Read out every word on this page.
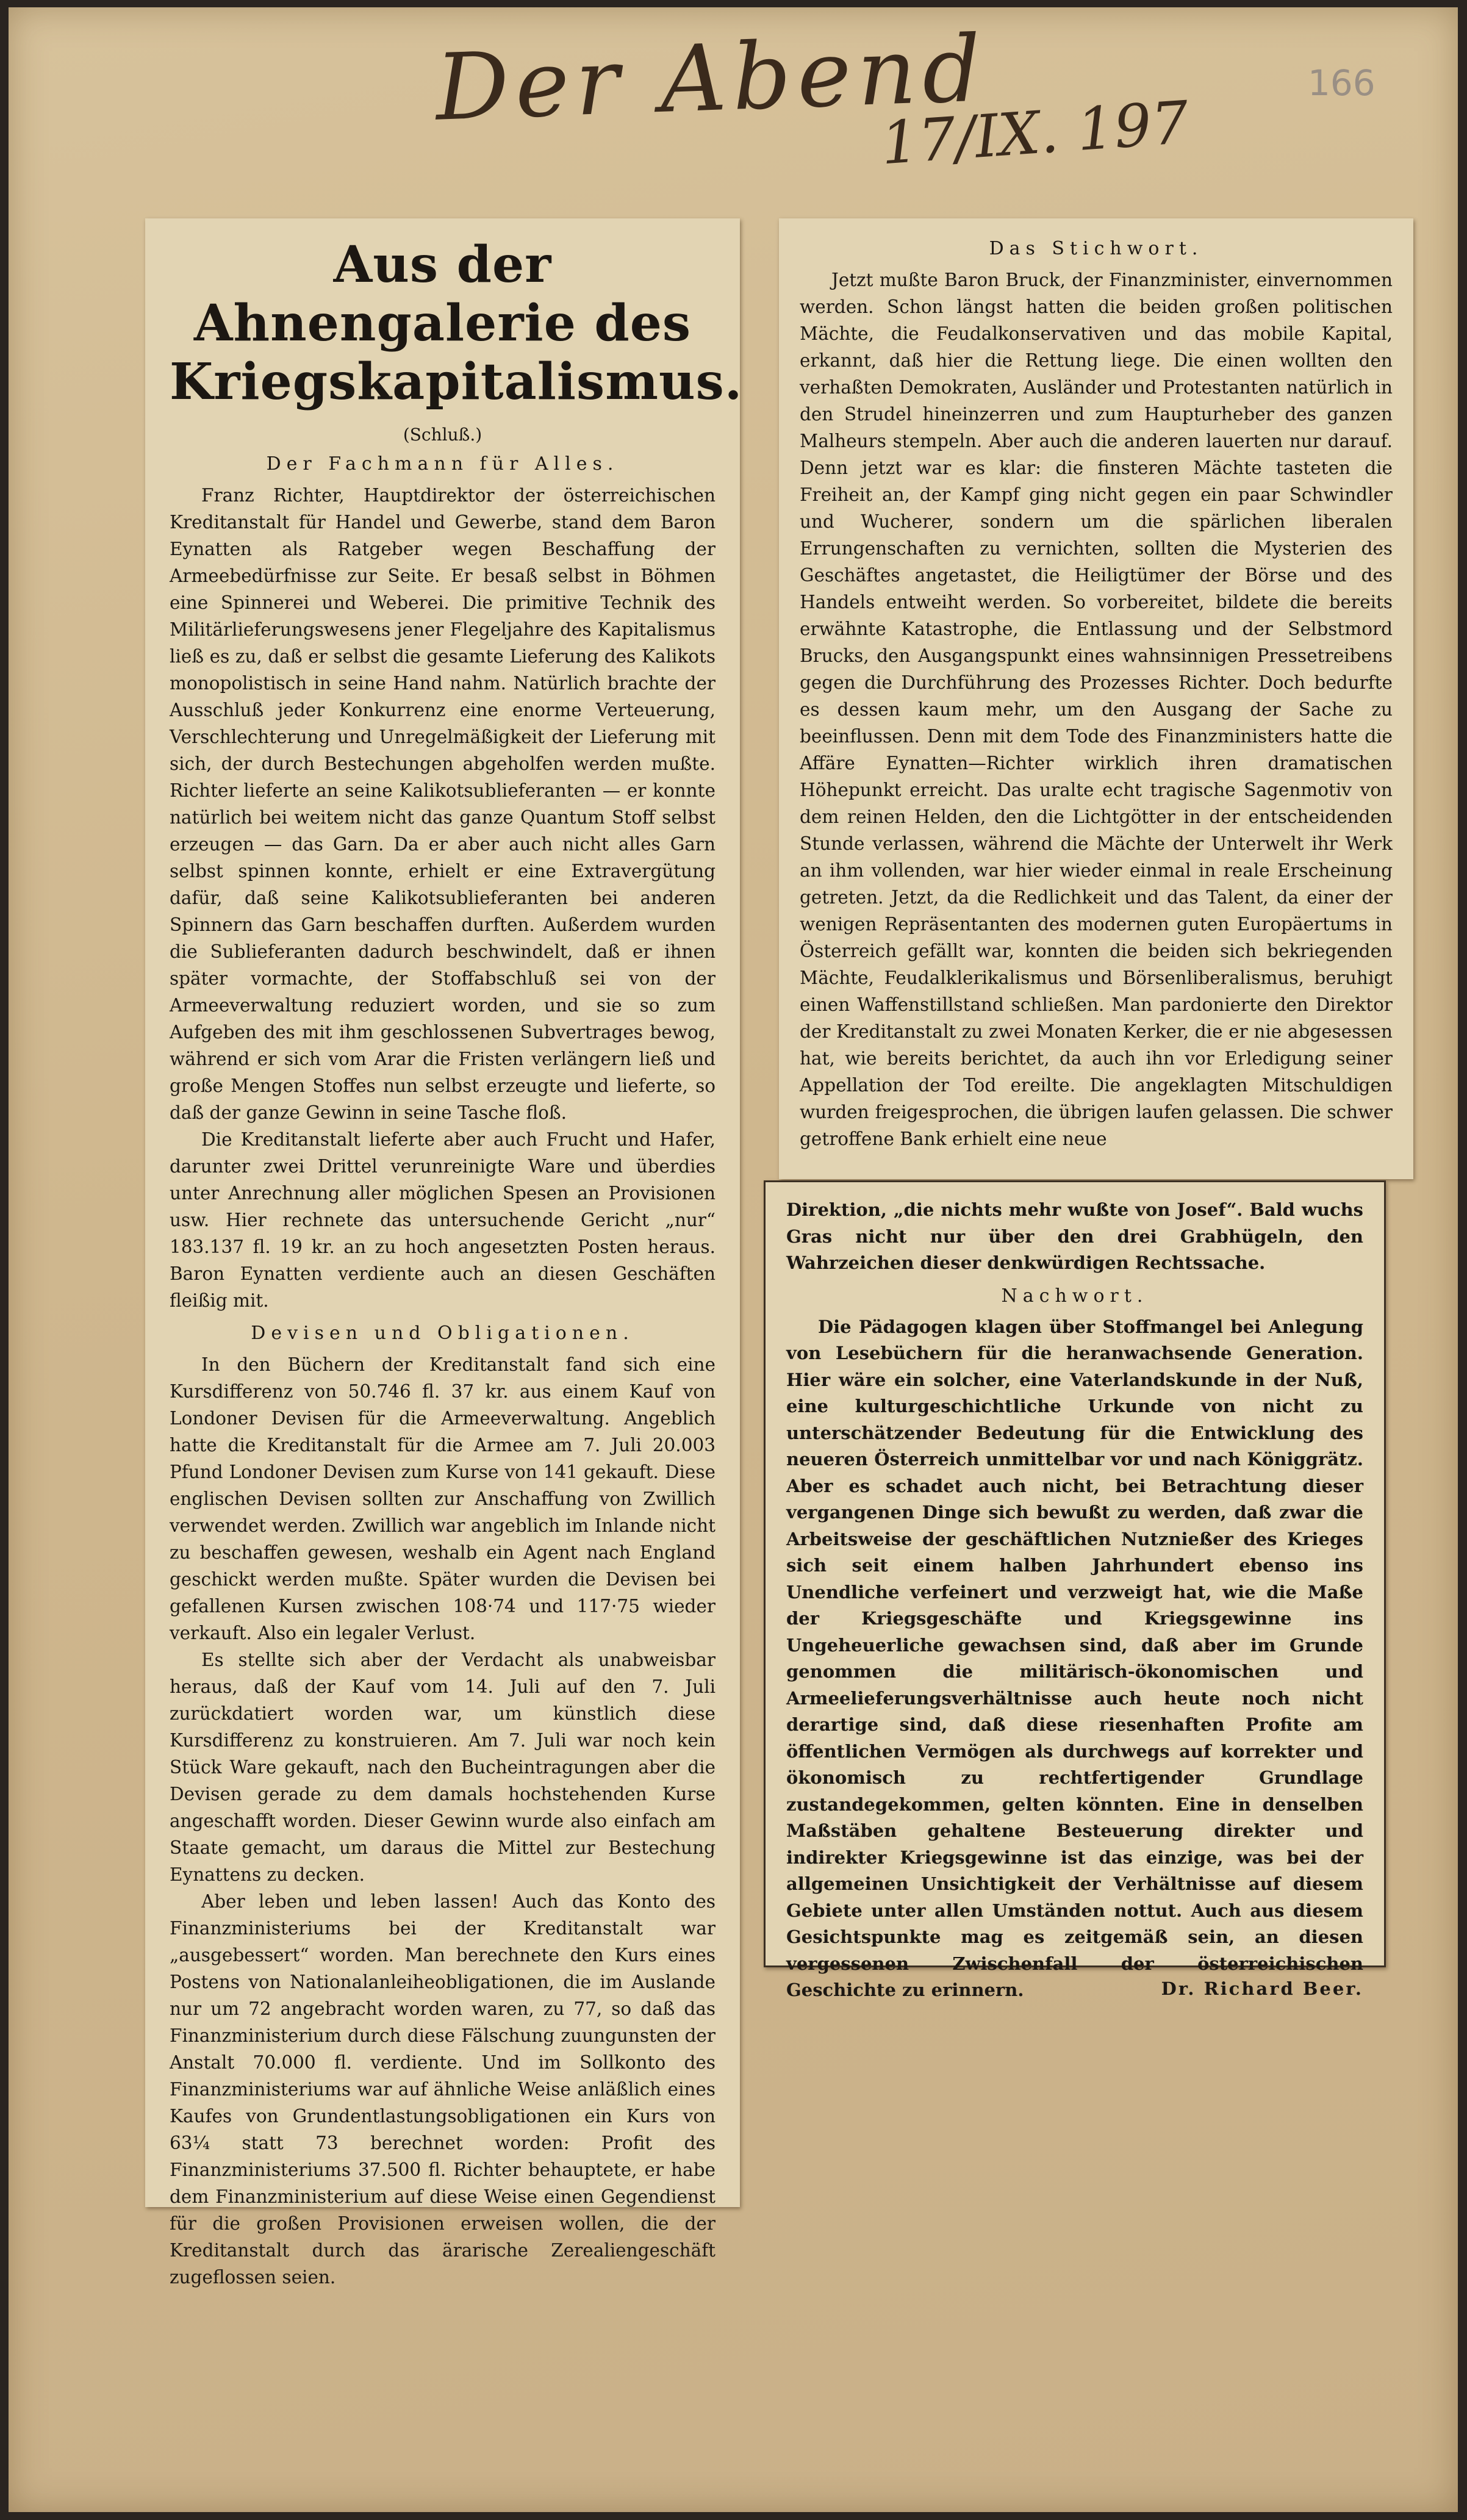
Der Abend
17/IX. 197
166
Aus der Ahnengalerie des Kriegskapitalismus.
(Schluß.)
Der Fachmann für Alles.

Franz Richter, Hauptdirektor der österreichischen Kreditanstalt für Handel und Gewerbe, stand dem Baron Eynatten als Ratgeber wegen Beschaffung der Armeebedürfnisse zur Seite. Er besaß selbst in Böhmen eine Spinnerei und Weberei. Die primitive Technik des Militärlieferungswesens jener Flegeljahre des Kapitalismus ließ es zu, daß er selbst die gesamte Lieferung des Kalikots monopolistisch in seine Hand nahm. Natürlich brachte der Ausschluß jeder Konkurrenz eine enorme Verteuerung, Verschlechterung und Unregelmäßigkeit der Lieferung mit sich, der durch Bestechungen abgeholfen werden mußte. Richter lieferte an seine Kalikotsublieferanten — er konnte natürlich bei weitem nicht das ganze Quantum Stoff selbst erzeugen — das Garn. Da er aber auch nicht alles Garn selbst spinnen konnte, erhielt er eine Extravergütung dafür, daß seine Kalikotsublieferanten bei anderen Spinnern das Garn beschaffen durften. Außerdem wurden die Sublieferanten dadurch beschwindelt, daß er ihnen später vormachte, der Stoffabschluß sei von der Armeeverwaltung reduziert worden, und sie so zum Aufgeben des mit ihm geschlossenen Subvertrages bewog, während er sich vom Arar die Fristen verlängern ließ und große Mengen Stoffes nun selbst erzeugte und lieferte, so daß der ganze Gewinn in seine Tasche floß.

Die Kreditanstalt lieferte aber auch Frucht und Hafer, darunter zwei Drittel verunreinigte Ware und überdies unter Anrechnung aller möglichen Spesen an Provisionen usw. Hier rechnete das untersuchende Gericht „nur“ 183.137 fl. 19 kr. an zu hoch angesetzten Posten heraus. Baron Eynatten verdiente auch an diesen Geschäften fleißig mit.

Devisen und Obligationen.

In den Büchern der Kreditanstalt fand sich eine Kursdifferenz von 50.746 fl. 37 kr. aus einem Kauf von Londoner Devisen für die Armeeverwaltung. Angeblich hatte die Kreditanstalt für die Armee am 7. Juli 20.003 Pfund Londoner Devisen zum Kurse von 141 gekauft. Diese englischen Devisen sollten zur Anschaffung von Zwillich verwendet werden. Zwillich war angeblich im Inlande nicht zu beschaffen gewesen, weshalb ein Agent nach England geschickt werden mußte. Später wurden die Devisen bei gefallenen Kursen zwischen 108·74 und 117·75 wieder verkauft. Also ein legaler Verlust.

Es stellte sich aber der Verdacht als unabweisbar heraus, daß der Kauf vom 14. Juli auf den 7. Juli zurückdatiert worden war, um künstlich diese Kursdifferenz zu konstruieren. Am 7. Juli war noch kein Stück Ware gekauft, nach den Bucheintragungen aber die Devisen gerade zu dem damals hochstehenden Kurse angeschafft worden. Dieser Gewinn wurde also einfach am Staate gemacht, um daraus die Mittel zur Bestechung Eynattens zu decken.

Aber leben und leben lassen! Auch das Konto des Finanzministeriums bei der Kreditanstalt war „ausgebessert“ worden. Man berechnete den Kurs eines Postens von Nationalanleiheobligationen, die im Auslande nur um 72 angebracht worden waren, zu 77, so daß das Finanzministerium durch diese Fälschung zuungunsten der Anstalt 70.000 fl. verdiente. Und im Sollkonto des Finanzministeriums war auf ähnliche Weise anläßlich eines Kaufes von Grundentlastungsobligationen ein Kurs von 63¼ statt 73 berechnet worden: Profit des Finanzministeriums 37.500 fl. Richter behauptete, er habe dem Finanzministerium auf diese Weise einen Gegendienst für die großen Provisionen erweisen wollen, die der Kreditanstalt durch das ärarische Zerealiengeschäft zugeflossen seien.

Das Stichwort.

Jetzt mußte Baron Bruck, der Finanzminister, einvernommen werden. Schon längst hatten die beiden großen politischen Mächte, die Feudalkonservativen und das mobile Kapital, erkannt, daß hier die Rettung liege. Die einen wollten den verhaßten Demokraten, Ausländer und Protestanten natürlich in den Strudel hineinzerren und zum Haupturheber des ganzen Malheurs stempeln. Aber auch die anderen lauerten nur darauf. Denn jetzt war es klar: die finsteren Mächte tasteten die Freiheit an, der Kampf ging nicht gegen ein paar Schwindler und Wucherer, sondern um die spärlichen liberalen Errungenschaften zu vernichten, sollten die Mysterien des Geschäftes angetastet, die Heiligtümer der Börse und des Handels entweiht werden. So vorbereitet, bildete die bereits erwähnte Katastrophe, die Entlassung und der Selbstmord Brucks, den Ausgangspunkt eines wahnsinnigen Pressetreibens gegen die Durchführung des Prozesses Richter. Doch bedurfte es dessen kaum mehr, um den Ausgang der Sache zu beeinflussen. Denn mit dem Tode des Finanzministers hatte die Affäre Eynatten—Richter wirklich ihren dramatischen Höhepunkt erreicht. Das uralte echt tragische Sagenmotiv von dem reinen Helden, den die Lichtgötter in der entscheidenden Stunde verlassen, während die Mächte der Unterwelt ihr Werk an ihm vollenden, war hier wieder einmal in reale Erscheinung getreten. Jetzt, da die Redlichkeit und das Talent, da einer der wenigen Repräsentanten des modernen guten Europäertums in Österreich gefällt war, konnten die beiden sich bekriegenden Mächte, Feudalklerikalismus und Börsenliberalismus, beruhigt einen Waffenstillstand schließen. Man pardonierte den Direktor der Kreditanstalt zu zwei Monaten Kerker, die er nie abgesessen hat, wie bereits berichtet, da auch ihn vor Erledigung seiner Appellation der Tod ereilte. Die angeklagten Mitschuldigen wurden freigesprochen, die übrigen laufen gelassen. Die schwer getroffene Bank erhielt eine neue

Direktion, „die nichts mehr wußte von Josef“. Bald wuchs Gras nicht nur über den drei Grabhügeln, den Wahrzeichen dieser denkwürdigen Rechtssache.

Nachwort.

Die Pädagogen klagen über Stoffmangel bei Anlegung von Lesebüchern für die heranwachsende Generation. Hier wäre ein solcher, eine Vaterlandskunde in der Nuß, eine kulturgeschichtliche Urkunde von nicht zu unterschätzender Bedeutung für die Entwicklung des neueren Österreich unmittelbar vor und nach Königgrätz. Aber es schadet auch nicht, bei Betrachtung dieser vergangenen Dinge sich bewußt zu werden, daß zwar die Arbeitsweise der geschäftlichen Nutznießer des Krieges sich seit einem halben Jahrhundert ebenso ins Unendliche verfeinert und verzweigt hat, wie die Maße der Kriegsgeschäfte und Kriegsgewinne ins Ungeheuerliche gewachsen sind, daß aber im Grunde genommen die militärisch-ökonomischen und Armeelieferungsverhältnisse auch heute noch nicht derartige sind, daß diese riesenhaften Profite am öffentlichen Vermögen als durchwegs auf korrekter und ökonomisch zu rechtfertigender Grundlage zustandegekommen, gelten könnten. Eine in denselben Maßstäben gehaltene Besteuerung direkter und indirekter Kriegsgewinne ist das einzige, was bei der allgemeinen Unsichtigkeit der Verhältnisse auf diesem Gebiete unter allen Umständen nottut. Auch aus diesem Gesichtspunkte mag es zeitgemäß sein, an diesen vergessenen Zwischenfall der österreichischen Geschichte zu erinnern.	Dr. Richard Beer.
